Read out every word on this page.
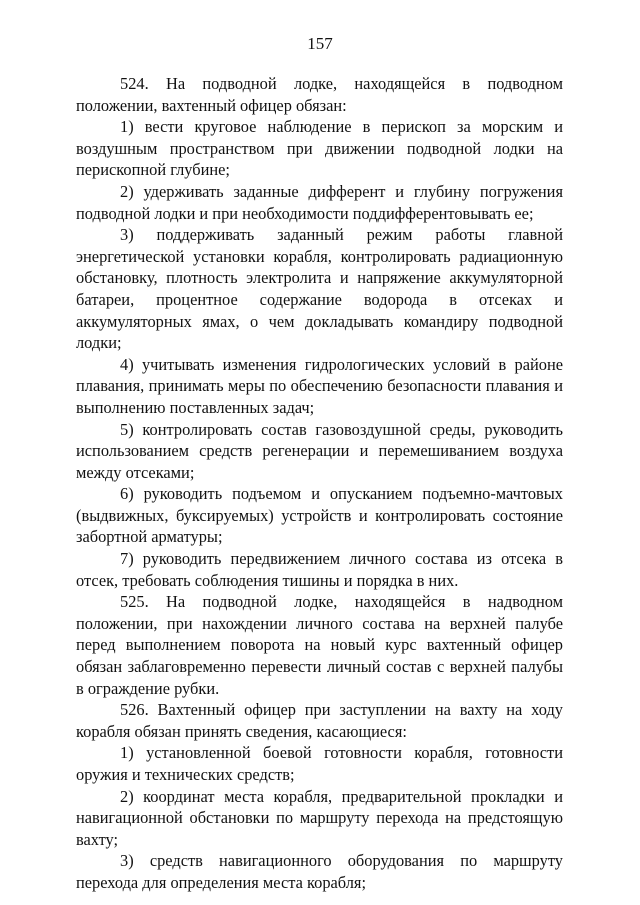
157

524. На подводной лодке, находящейся в подводном положении, вахтенный офицер обязан:

1) вести круговое наблюдение в перископ за морским и воздушным пространством при движении подводной лодки на перископной глубине;

2) удерживать заданные дифферент и глубину погружения подводной лодки и при необходимости поддифферентовывать ее;

3) поддерживать заданный режим работы главной энергетической установки корабля, контролировать радиационную обстановку, плотность электролита и напряжение аккумуляторной батареи, процентное содержание водорода в отсеках и аккумуляторных ямах, о чем докладывать командиру подводной лодки;

4) учитывать изменения гидрологических условий в районе плавания, принимать меры по обеспечению безопасности плавания и выполнению поставленных задач;

5) контролировать состав газовоздушной среды, руководить использованием средств регенерации и перемешиванием воздуха между отсеками;

6) руководить подъемом и опусканием подъемно-мачтовых (выдвижных, буксируемых) устройств и контролировать состояние забортной арматуры;

7) руководить передвижением личного состава из отсека в отсек, требовать соблюдения тишины и порядка в них.

525. На подводной лодке, находящейся в надводном положении, при нахождении личного состава на верхней палубе перед выполнением поворота на новый курс вахтенный офицер обязан заблаговременно перевести личный состав с верхней палубы в ограждение рубки.

526. Вахтенный офицер при заступлении на вахту на ходу корабля обязан принять сведения, касающиеся:

1) установленной боевой готовности корабля, готовности оружия и технических средств;

2) координат места корабля, предварительной прокладки и навигационной обстановки по маршруту перехода на предстоящую вахту;

3) средств навигационного оборудования по маршруту перехода для определения места корабля;
